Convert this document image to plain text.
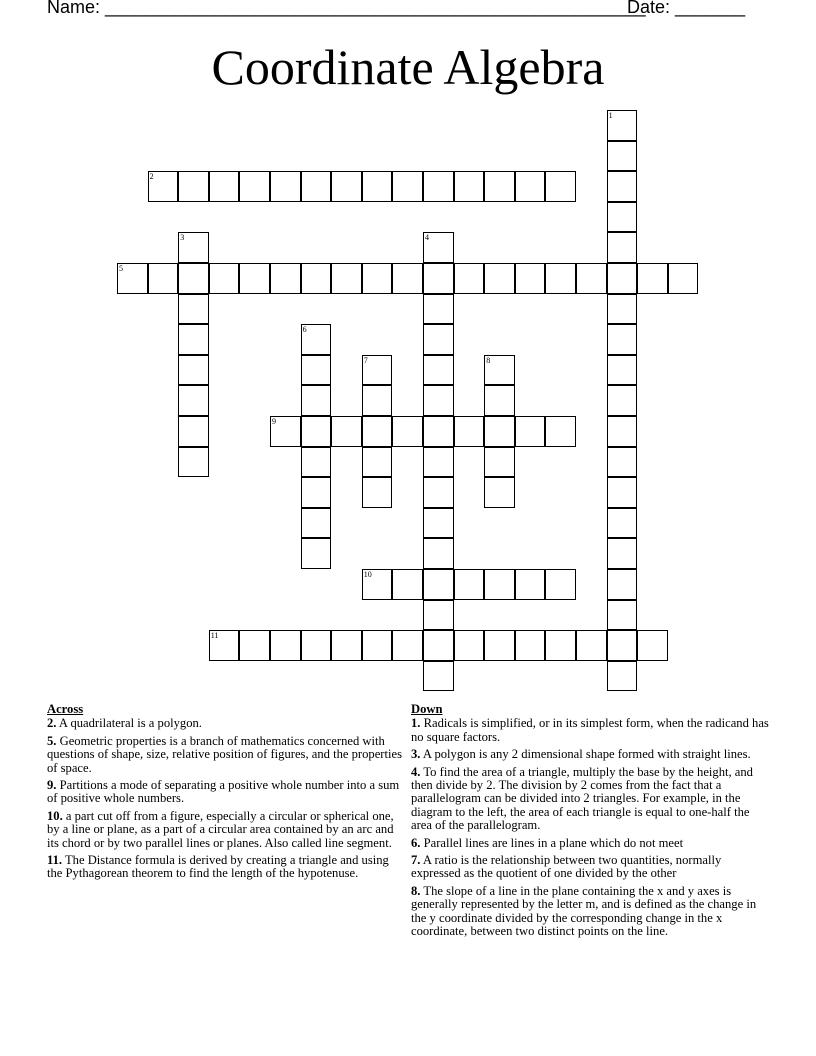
Name: ______________________________________________________
Date: _______
Coordinate Algebra
1
2
3	4
5
6
7	8
9
10
11
Across
2. A quadrilateral is a polygon.
5. Geometric properties is a branch of mathematics concerned with questions of shape, size, relative position of figures, and the properties of space.
9. Partitions a mode of separating a positive whole number into a sum of positive whole numbers.
10. a part cut off from a figure, especially a circular or spherical one, by a line or plane, as a part of a circular area contained by an arc and its chord or by two parallel lines or planes. Also called line segment.
11. The Distance formula is derived by creating a triangle and using the Pythagorean theorem to find the length of the hypotenuse.
Down
1. Radicals is simplified, or in its simplest form, when the radicand has no square factors.
3. A polygon is any 2 dimensional shape formed with straight lines.
4. To find the area of a triangle, multiply the base by the height, and then divide by 2. The division by 2 comes from the fact that a parallelogram can be divided into 2 triangles. For example, in the diagram to the left, the area of each triangle is equal to one-half the area of the parallelogram.
6. Parallel lines are lines in a plane which do not meet
7. A ratio is the relationship between two quantities, normally expressed as the quotient of one divided by the other
8. The slope of a line in the plane containing the x and y axes is generally represented by the letter m, and is defined as the change in the y coordinate divided by the corresponding change in the x coordinate, between two distinct points on the line.
